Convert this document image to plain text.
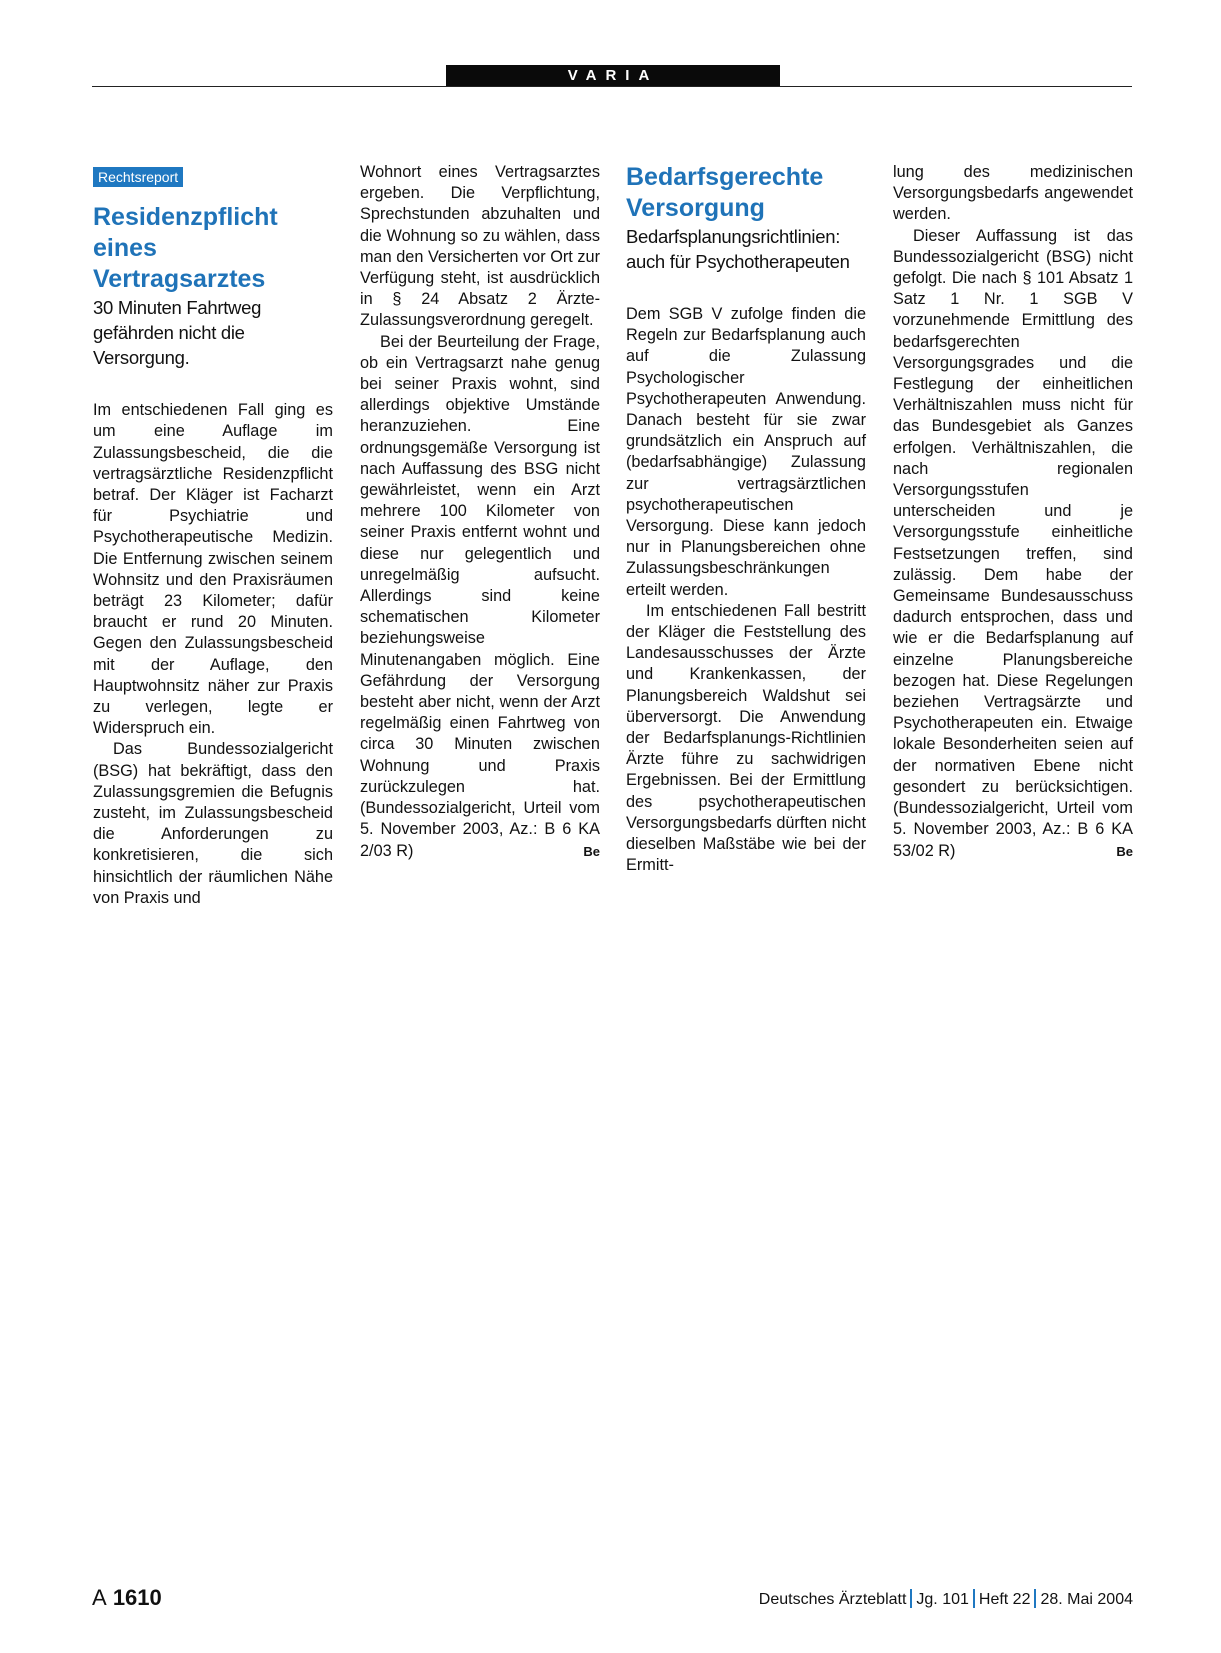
VARIA
Rechtsreport
Residenzpflicht eines Vertragsarztes

30 Minuten Fahrtweg gefährden nicht die Versorgung.

Im entschiedenen Fall ging es um eine Auflage im Zulassungsbescheid, die die vertragsärztliche Residenzpflicht betraf. Der Kläger ist Facharzt für Psychiatrie und Psychotherapeutische Medizin. Die Entfernung zwischen seinem Wohnsitz und den Praxisräumen beträgt 23 Kilometer; dafür braucht er rund 20 Minuten. Gegen den Zulassungsbescheid mit der Auflage, den Hauptwohnsitz näher zur Praxis zu verlegen, legte er Widerspruch ein.

Das Bundessozialgericht (BSG) hat bekräftigt, dass den Zulassungsgremien die Befugnis zusteht, im Zulassungsbescheid die Anforderungen zu konkretisieren, die sich hinsichtlich der räumlichen Nähe von Praxis und

Wohnort eines Vertragsarztes ergeben. Die Verpflichtung, Sprechstunden abzuhalten und die Wohnung so zu wählen, dass man den Versicherten vor Ort zur Verfügung steht, ist ausdrücklich in § 24 Absatz 2 Ärzte-Zulassungsverordnung geregelt.

Bei der Beurteilung der Frage, ob ein Vertragsarzt nahe genug bei seiner Praxis wohnt, sind allerdings objektive Umstände heranzuziehen. Eine ordnungsgemäße Versorgung ist nach Auffassung des BSG nicht gewährleistet, wenn ein Arzt mehrere 100 Kilometer von seiner Praxis entfernt wohnt und diese nur gelegentlich und unregelmäßig aufsucht. Allerdings sind keine schematischen Kilometer beziehungsweise Minutenangaben möglich. Eine Gefährdung der Versorgung besteht aber nicht, wenn der Arzt regelmäßig einen Fahrtweg von circa 30 Minuten zwischen Wohnung und Praxis zurückzulegen hat. (Bundessozialgericht, Urteil vom 5. November 2003, Az.: B 6 KA 2/03 R)	Be

Bedarfsgerechte Versorgung

Bedarfsplanungsrichtlinien: auch für Psychotherapeuten

Dem SGB V zufolge finden die Regeln zur Bedarfsplanung auch auf die Zulassung Psychologischer Psychotherapeuten Anwendung. Danach besteht für sie zwar grundsätzlich ein Anspruch auf (bedarfsabhängige) Zulassung zur vertragsärztlichen psychotherapeutischen Versorgung. Diese kann jedoch nur in Planungsbereichen ohne Zulassungsbeschränkungen erteilt werden.

Im entschiedenen Fall bestritt der Kläger die Feststellung des Landesausschusses der Ärzte und Krankenkassen, der Planungsbereich Waldshut sei überversorgt. Die Anwendung der Bedarfsplanungs-Richtlinien Ärzte führe zu sachwidrigen Ergebnissen. Bei der Ermittlung des psychotherapeutischen Versorgungsbedarfs dürften nicht dieselben Maßstäbe wie bei der Ermitt-

lung des medizinischen Versorgungsbedarfs angewendet werden.

Dieser Auffassung ist das Bundessozialgericht (BSG) nicht gefolgt. Die nach § 101 Absatz 1 Satz 1 Nr. 1 SGB V vorzunehmende Ermittlung des bedarfsgerechten Versorgungsgrades und die Festlegung der einheitlichen Verhältniszahlen muss nicht für das Bundesgebiet als Ganzes erfolgen. Verhältniszahlen, die nach regionalen Versorgungsstufen unterscheiden und je Versorgungsstufe einheitliche Festsetzungen treffen, sind zulässig. Dem habe der Gemeinsame Bundesausschuss dadurch entsprochen, dass und wie er die Bedarfsplanung auf einzelne Planungsbereiche bezogen hat. Diese Regelungen beziehen Vertragsärzte und Psychotherapeuten ein. Etwaige lokale Besonderheiten seien auf der normativen Ebene nicht gesondert zu berücksichtigen. (Bundessozialgericht, Urteil vom 5. November 2003, Az.: B 6 KA 53/02 R)	Be

A 1610	Deutsches Ärzteblatt Jg. 101 Heft 22 28. Mai 2004
